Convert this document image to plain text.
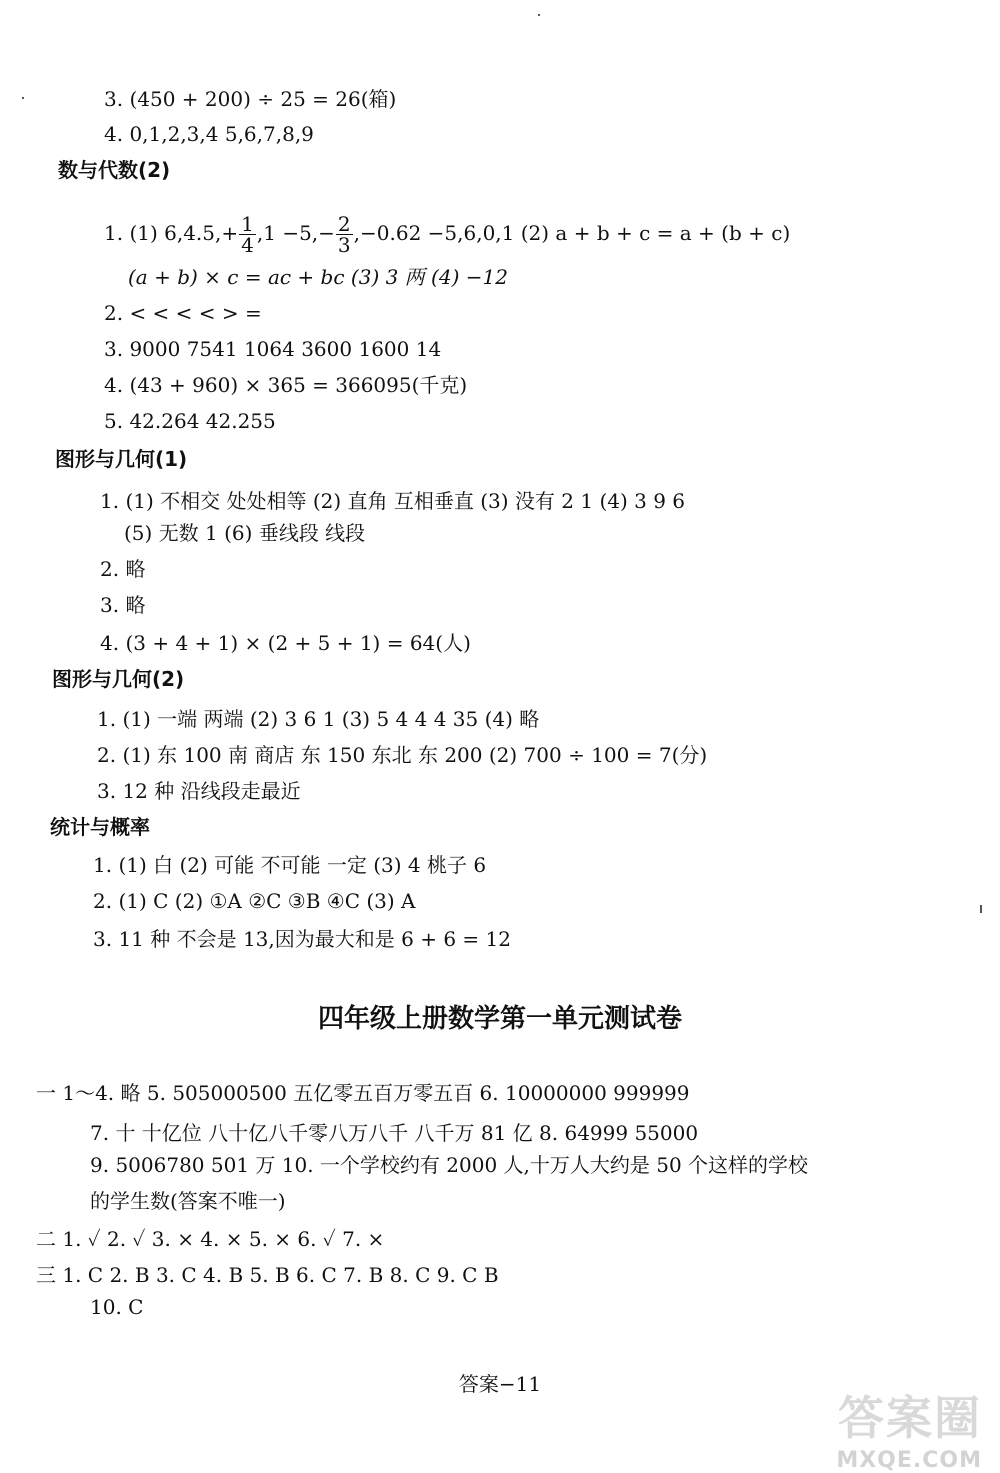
3. (450 + 200) ÷ 25 = 26(箱)
4. 0,1,2,3,4 5,6,7,8,9
数与代数(2)
1. (1) $6,4.5,+ \frac{1}{4} ,1 -5,- \frac{2}{3} ,-0.62 -5,6,0,1$ (2) a + b + c = a + (b + c)
(a + b) × c = ac + bc (3) 3 两 (4) −12
2. < < < < > =
3. 9000 7541 1064 3600 1600 14
4. (43 + 960) × 365 = 366095(千克)
5. 42.264 42.255
图形与几何(1)
1. (1) 不相交 处处相等 (2) 直角 互相垂直 (3) 没有 2 1 (4) 3 9 6
(5) 无数 1 (6) 垂线段 线段
2. 略
3. 略
4. (3 + 4 + 1) × (2 + 5 + 1) = 64(人)
图形与几何(2)
1. (1) 一端 两端 (2) 3 6 1 (3) 5 4 4 4 35 (4) 略
2. (1) 东 100 南 商店 东 150 东北 东 200 (2) 700 ÷ 100 = 7(分)
3. 12 种 沿线段走最近
统计与概率
1. (1) 白 (2) 可能 不可能 一定 (3) 4 桃子 6
2. (1) C (2) ①A ②C ③B ④C (3) A
3. 11 种 不会是 13,因为最大和是 6 + 6 = 12
四年级上册数学第一单元测试卷
一 1～4. 略 5. 505000500 五亿零五百万零五百 6. 10000000 999999
7. 十 十亿位 八十亿八千零八万八千 八千万 81 亿 8. 64999 55000
9. 5006780 501 万 10. 一个学校约有 2000 人,十万人大约是 50 个这样的学校
的学生数(答案不唯一)
二 1. ✓ 2. ✓ 3. × 4. × 5. × 6. ✓ 7. ×
三 1. C 2. B 3. C 4. B 5. B 6. C 7. B 8. C 9. C B
10. C
答案−11
答案圈
MXQE.COM
